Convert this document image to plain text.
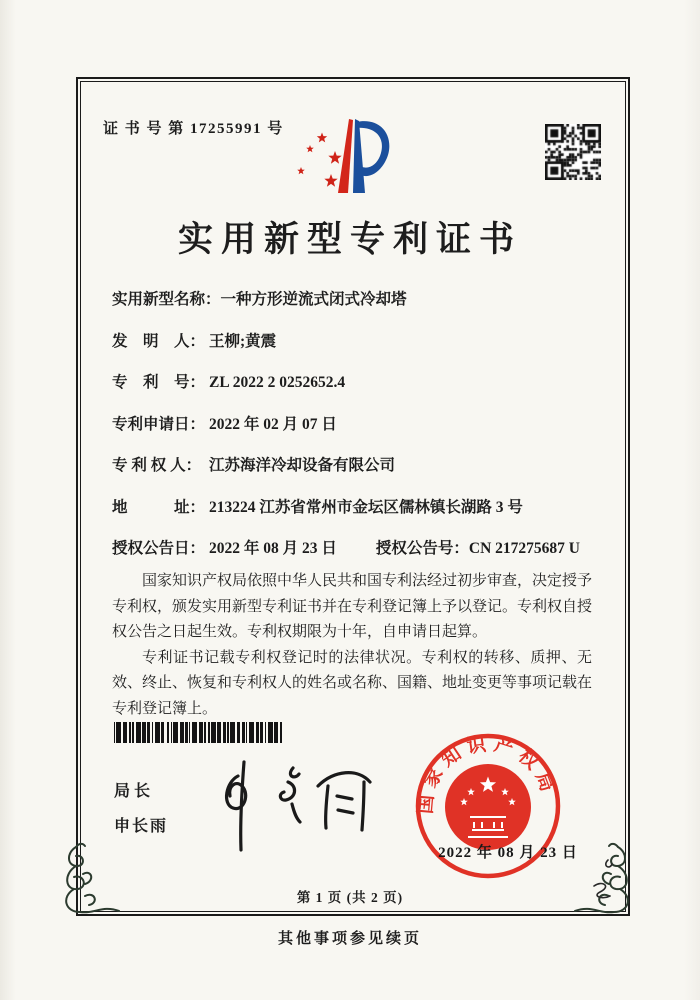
证 书 号 第 17255991 号
实用新型专利证书
实用新型名称：一种方形逆流式闭式冷却塔
发　明　人： 王柳;黄震
专　利　号： ZL 2022 2 0252652.4
专利申请日： 2022 年 02 月 07 日
专 利 权 人： 江苏海洋冷却设备有限公司
地　　　址： 213224 江苏省常州市金坛区儒林镇长湖路 3 号
授权公告日： 2022 年 08 月 23 日	授权公告号：CN 217275687 U

国家知识产权局依照中华人民共和国专利法经过初步审查，决定授予专利权，颁发实用新型专利证书并在专利登记簿上予以登记。专利权自授权公告之日起生效。专利权期限为十年，自申请日起算。

专利证书记载专利权登记时的法律状况。专利权的转移、质押、无效、终止、恢复和专利权人的姓名或名称、国籍、地址变更等事项记载在专利登记簿上。

局长
申长雨
国家知识产权局
2022 年 08 月 23 日
第 1 页 (共 2 页)
其他事项参见续页
